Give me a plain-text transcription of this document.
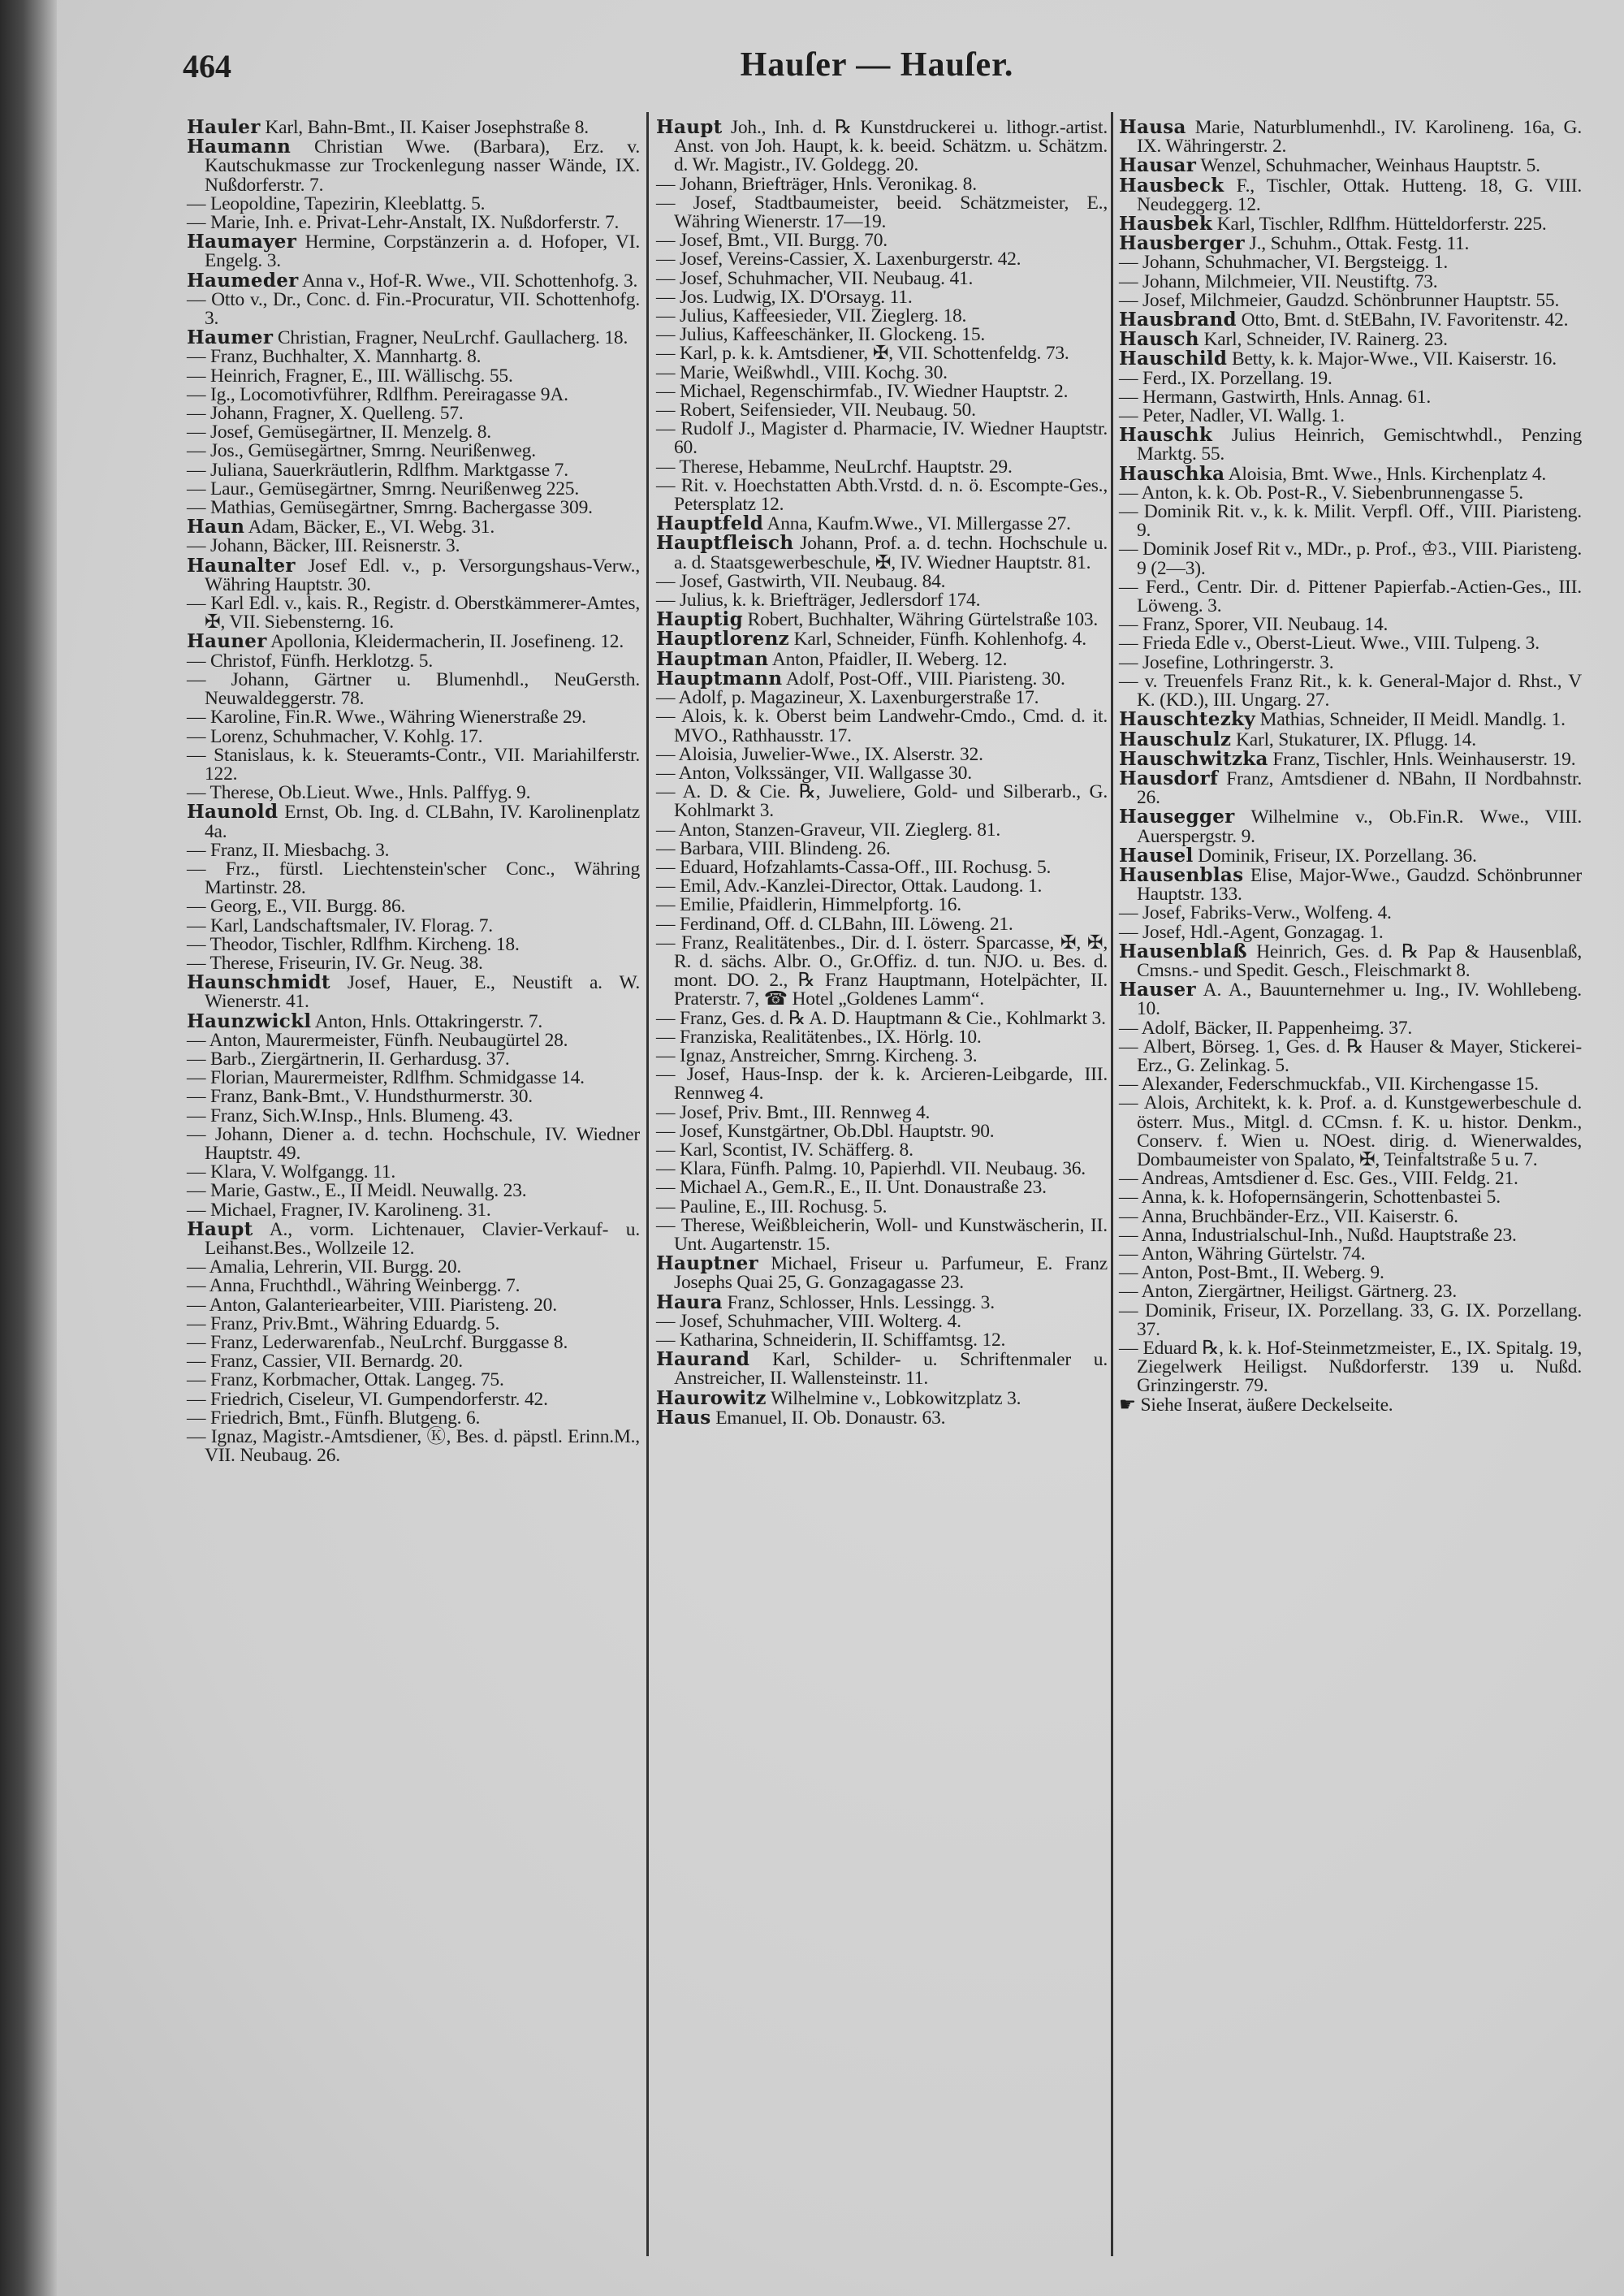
464	Hauſer — Hauſer.

Hauler Karl, Bahn-Bmt., II. Kaiser Josephstraße 8.

Haumann Christian Wwe. (Barbara), Erz. v. Kautschukmasse zur Trockenlegung nasser Wände, IX. Nußdorferstr. 7.

— Leopoldine, Tapezirin, Kleeblattg. 5.

— Marie, Inh. e. Privat-Lehr-Anstalt, IX. Nußdorferstr. 7.

Haumayer Hermine, Corpstänzerin a. d. Hofoper, VI. Engelg. 3.

Haumeder Anna v., Hof-R. Wwe., VII. Schottenhofg. 3.

— Otto v., Dr., Conc. d. Fin.-Procuratur, VII. Schottenhofg. 3.

Haumer Christian, Fragner, NeuLrchf. Gaullacherg. 18.

— Franz, Buchhalter, X. Mannhartg. 8.

— Heinrich, Fragner, E., III. Wällischg. 55.

— Ig., Locomotivführer, Rdlfhm. Pereiragasse 9A.

— Johann, Fragner, X. Quelleng. 57.

— Josef, Gemüsegärtner, II. Menzelg. 8.

— Jos., Gemüsegärtner, Smrng. Neurißenweg.

— Juliana, Sauerkräutlerin, Rdlfhm. Marktgasse 7.

— Laur., Gemüsegärtner, Smrng. Neurißenweg 225.

— Mathias, Gemüsegärtner, Smrng. Bachergasse 309.

Haun Adam, Bäcker, E., VI. Webg. 31.

— Johann, Bäcker, III. Reisnerstr. 3.

Haunalter Josef Edl. v., p. Versorgungshaus-Verw., Währing Hauptstr. 30.

— Karl Edl. v., kais. R., Registr. d. Oberstkämmerer-Amtes, ✠, VII. Siebensterng. 16.

Hauner Apollonia, Kleidermacherin, II. Josefineng. 12.

— Christof, Fünfh. Herklotzg. 5.

— Johann, Gärtner u. Blumenhdl., NeuGersth. Neuwaldeggerstr. 78.

— Karoline, Fin.R. Wwe., Währing Wienerstraße 29.

— Lorenz, Schuhmacher, V. Kohlg. 17.

— Stanislaus, k. k. Steueramts-Contr., VII. Mariahilferstr. 122.

— Therese, Ob.Lieut. Wwe., Hnls. Palffyg. 9.

Haunold Ernst, Ob. Ing. d. CLBahn, IV. Karolinenplatz 4a.

— Franz, II. Miesbachg. 3.

— Frz., fürstl. Liechtenstein'scher Conc., Währing Martinstr. 28.

— Georg, E., VII. Burgg. 86.

— Karl, Landschaftsmaler, IV. Florag. 7.

— Theodor, Tischler, Rdlfhm. Kircheng. 18.

— Therese, Friseurin, IV. Gr. Neug. 38.

Haunschmidt Josef, Hauer, E., Neustift a. W. Wienerstr. 41.

Haunzwickl Anton, Hnls. Ottakringerstr. 7.

— Anton, Maurermeister, Fünfh. Neubaugürtel 28.

— Barb., Ziergärtnerin, II. Gerhardusg. 37.

— Florian, Maurermeister, Rdlfhm. Schmidgasse 14.

— Franz, Bank-Bmt., V. Hundsthurmerstr. 30.

— Franz, Sich.W.Insp., Hnls. Blumeng. 43.

— Johann, Diener a. d. techn. Hochschule, IV. Wiedner Hauptstr. 49.

— Klara, V. Wolfgangg. 11.

— Marie, Gastw., E., II Meidl. Neuwallg. 23.

— Michael, Fragner, IV. Karolineng. 31.

Haupt A., vorm. Lichtenauer, Clavier-Verkauf- u. Leihanst.Bes., Wollzeile 12.

— Amalia, Lehrerin, VII. Burgg. 20.

— Anna, Fruchthdl., Währing Weinbergg. 7.

— Anton, Galanteriearbeiter, VIII. Piaristeng. 20.

— Franz, Priv.Bmt., Währing Eduardg. 5.

— Franz, Lederwarenfab., NeuLrchf. Burggasse 8.

— Franz, Cassier, VII. Bernardg. 20.

— Franz, Korbmacher, Ottak. Langeg. 75.

— Friedrich, Ciseleur, VI. Gumpendorferstr. 42.

— Friedrich, Bmt., Fünfh. Blutgeng. 6.

— Ignaz, Magistr.-Amtsdiener, Ⓚ, Bes. d. päpstl. Erinn.M., VII. Neubaug. 26.

Haupt Joh., Inh. d. ℞ Kunstdruckerei u. lithogr.-artist. Anst. von Joh. Haupt, k. k. beeid. Schätzm. u. Schätzm. d. Wr. Magistr., IV. Goldegg. 20.

— Johann, Briefträger, Hnls. Veronikag. 8.

— Josef, Stadtbaumeister, beeid. Schätzmeister, E., Währing Wienerstr. 17—19.

— Josef, Bmt., VII. Burgg. 70.

— Josef, Vereins-Cassier, X. Laxenburgerstr. 42.

— Josef, Schuhmacher, VII. Neubaug. 41.

— Jos. Ludwig, IX. D'Orsayg. 11.

— Julius, Kaffeesieder, VII. Zieglerg. 18.

— Julius, Kaffeeschänker, II. Glockeng. 15.

— Karl, p. k. k. Amtsdiener, ✠, VII. Schottenfeldg. 73.

— Marie, Weißwhdl., VIII. Kochg. 30.

— Michael, Regenschirmfab., IV. Wiedner Hauptstr. 2.

— Robert, Seifensieder, VII. Neubaug. 50.

— Rudolf J., Magister d. Pharmacie, IV. Wiedner Hauptstr. 60.

— Therese, Hebamme, NeuLrchf. Hauptstr. 29.

— Rit. v. Hoechstatten Abth.Vrstd. d. n. ö. Escompte-Ges., Petersplatz 12.

Hauptfeld Anna, Kaufm.Wwe., VI. Millergasse 27.

Hauptfleisch Johann, Prof. a. d. techn. Hochschule u. a. d. Staatsgewerbeschule, ✠, IV. Wiedner Hauptstr. 81.

— Josef, Gastwirth, VII. Neubaug. 84.

— Julius, k. k. Briefträger, Jedlersdorf 174.

Hauptig Robert, Buchhalter, Währing Gürtelstraße 103.

Hauptlorenz Karl, Schneider, Fünfh. Kohlenhofg. 4.

Hauptman Anton, Pfaidler, II. Weberg. 12.

Hauptmann Adolf, Post-Off., VIII. Piaristeng. 30.

— Adolf, p. Magazineur, X. Laxenburgerstraße 17.

— Alois, k. k. Oberst beim Landwehr-Cmdo., Cmd. d. it. MVO., Rathhausstr. 17.

— Aloisia, Juwelier-Wwe., IX. Alserstr. 32.

— Anton, Volkssänger, VII. Wallgasse 30.

— A. D. & Cie. ℞, Juweliere, Gold- und Silberarb., G. Kohlmarkt 3.

— Anton, Stanzen-Graveur, VII. Zieglerg. 81.

— Barbara, VIII. Blindeng. 26.

— Eduard, Hofzahlamts-Cassa-Off., III. Rochusg. 5.

— Emil, Adv.-Kanzlei-Director, Ottak. Laudong. 1.

— Emilie, Pfaidlerin, Himmelpfortg. 16.

— Ferdinand, Off. d. CLBahn, III. Löweng. 21.

— Franz, Realitätenbes., Dir. d. I. österr. Sparcasse, ✠, ✠, R. d. sächs. Albr. O., Gr.Offiz. d. tun. NJO. u. Bes. d. mont. DO. 2., ℞ Franz Hauptmann, Hotelpächter, II. Praterstr. 7, ☎ Hotel „Goldenes Lamm“.

— Franz, Ges. d. ℞ A. D. Hauptmann & Cie., Kohlmarkt 3.

— Franziska, Realitätenbes., IX. Hörlg. 10.

— Ignaz, Anstreicher, Smrng. Kircheng. 3.

— Josef, Haus-Insp. der k. k. Arcieren-Leibgarde, III. Rennweg 4.

— Josef, Priv. Bmt., III. Rennweg 4.

— Josef, Kunstgärtner, Ob.Dbl. Hauptstr. 90.

— Karl, Scontist, IV. Schäfferg. 8.

— Klara, Fünfh. Palmg. 10, Papierhdl. VII. Neubaug. 36.

— Michael A., Gem.R., E., II. Unt. Donaustraße 23.

— Pauline, E., III. Rochusg. 5.

— Therese, Weißbleicherin, Woll- und Kunstwäscherin, II. Unt. Augartenstr. 15.

Hauptner Michael, Friseur u. Parfumeur, E. Franz Josephs Quai 25, G. Gonzagagasse 23.

Haura Franz, Schlosser, Hnls. Lessingg. 3.

— Josef, Schuhmacher, VIII. Wolterg. 4.

— Katharina, Schneiderin, II. Schiffamtsg. 12.

Haurand Karl, Schilder- u. Schriftenmaler u. Anstreicher, II. Wallensteinstr. 11.

Haurowitz Wilhelmine v., Lobkowitzplatz 3.

Haus Emanuel, II. Ob. Donaustr. 63.

Hausa Marie, Naturblumenhdl., IV. Karolineng. 16a, G. IX. Währingerstr. 2.

Hausar Wenzel, Schuhmacher, Weinhaus Hauptstr. 5.

Hausbeck F., Tischler, Ottak. Hutteng. 18, G. VIII. Neudeggerg. 12.

Hausbek Karl, Tischler, Rdlfhm. Hütteldorferstr. 225.

Hausberger J., Schuhm., Ottak. Festg. 11.

— Johann, Schuhmacher, VI. Bergsteigg. 1.

— Johann, Milchmeier, VII. Neustiftg. 73.

— Josef, Milchmeier, Gaudzd. Schönbrunner Hauptstr. 55.

Hausbrand Otto, Bmt. d. StEBahn, IV. Favoritenstr. 42.

Hausch Karl, Schneider, IV. Rainerg. 23.

Hauschild Betty, k. k. Major-Wwe., VII. Kaiserstr. 16.

— Ferd., IX. Porzellang. 19.

— Hermann, Gastwirth, Hnls. Annag. 61.

— Peter, Nadler, VI. Wallg. 1.

Hauschk Julius Heinrich, Gemischtwhdl., Penzing Marktg. 55.

Hauschka Aloisia, Bmt. Wwe., Hnls. Kirchenplatz 4.

— Anton, k. k. Ob. Post-R., V. Siebenbrunnengasse 5.

— Dominik Rit. v., k. k. Milit. Verpfl. Off., VIII. Piaristeng. 9.

— Dominik Josef Rit v., MDr., p. Prof., ♔3., VIII. Piaristeng. 9 (2—3).

— Ferd., Centr. Dir. d. Pittener Papierfab.-Actien-Ges., III. Löweng. 3.

— Franz, Sporer, VII. Neubaug. 14.

— Frieda Edle v., Oberst-Lieut. Wwe., VIII. Tulpeng. 3.

— Josefine, Lothringerstr. 3.

— v. Treuenfels Franz Rit., k. k. General-Major d. Rhst., V K. (KD.), III. Ungarg. 27.

Hauschtezky Mathias, Schneider, II Meidl. Mandlg. 1.

Hauschulz Karl, Stukaturer, IX. Pflugg. 14.

Hauschwitzka Franz, Tischler, Hnls. Weinhauserstr. 19.

Hausdorf Franz, Amtsdiener d. NBahn, II Nordbahnstr. 26.

Hausegger Wilhelmine v., Ob.Fin.R. Wwe., VIII. Auerspergstr. 9.

Hausel Dominik, Friseur, IX. Porzellang. 36.

Hausenblas Elise, Major-Wwe., Gaudzd. Schönbrunner Hauptstr. 133.

— Josef, Fabriks-Verw., Wolfeng. 4.

— Josef, Hdl.-Agent, Gonzagag. 1.

Hausenblaß Heinrich, Ges. d. ℞ Pap & Hausenblaß, Cmsns.- und Spedit. Gesch., Fleischmarkt 8.

Hauser A. A., Bauunternehmer u. Ing., IV. Wohllebeng. 10.

— Adolf, Bäcker, II. Pappenheimg. 37.

— Albert, Börseg. 1, Ges. d. ℞ Hauser & Mayer, Stickerei-Erz., G. Zelinkag. 5.

— Alexander, Federschmuckfab., VII. Kirchengasse 15.

— Alois, Architekt, k. k. Prof. a. d. Kunstgewerbeschule d. österr. Mus., Mitgl. d. CCmsn. f. K. u. histor. Denkm., Conserv. f. Wien u. NOest. dirig. d. Wienerwaldes, Dombaumeister von Spalato, ✠, Teinfaltstraße 5 u. 7.

— Andreas, Amtsdiener d. Esc. Ges., VIII. Feldg. 21.

— Anna, k. k. Hofopernsängerin, Schottenbastei 5.

— Anna, Bruchbänder-Erz., VII. Kaiserstr. 6.

— Anna, Industrialschul-Inh., Nußd. Hauptstraße 23.

— Anton, Währing Gürtelstr. 74.

— Anton, Post-Bmt., II. Weberg. 9.

— Anton, Ziergärtner, Heiligst. Gärtnerg. 23.

— Dominik, Friseur, IX. Porzellang. 33, G. IX. Porzellang. 37.

— Eduard ℞, k. k. Hof-Steinmetzmeister, E., IX. Spitalg. 19, Ziegelwerk Heiligst. Nußdorferstr. 139 u. Nußd. Grinzingerstr. 79.

☛ Siehe Inserat, äußere Deckelseite.
